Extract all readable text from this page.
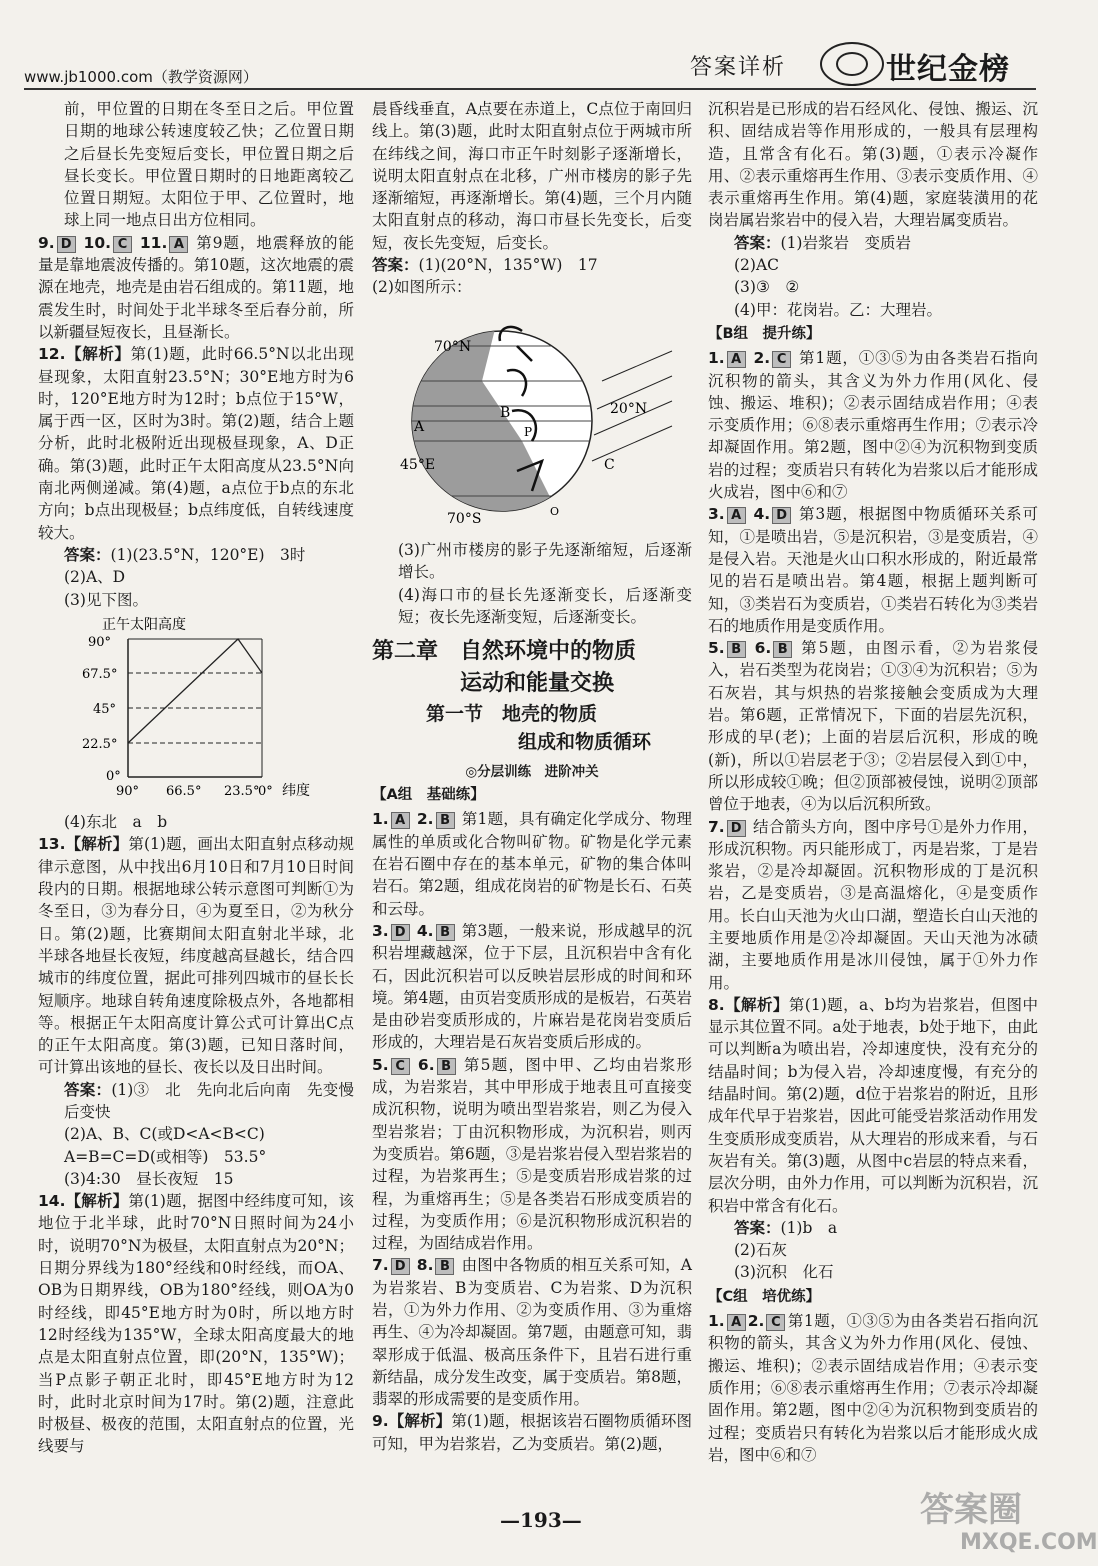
www.jb1000.com（教学资源网）	答案详析	世纪金榜

前，甲位置的日期在冬至日之后。甲位置日期的地球公转速度较乙快；乙位置日期之后昼长先变短后变长，甲位置日期之后昼长变长。甲位置日期时的日地距离较乙位置日期短。太阳位于甲、乙位置时，地球上同一地点日出方位相同。

9. D 10. C 11. A 第9题，地震释放的能量是靠地震波传播的。第10题，这次地震的震源在地壳，地壳是由岩石组成的。第11题，地震发生时，时间处于北半球冬至后春分前，所以新疆昼短夜长，且昼渐长。

12.【解析】第(1)题，此时66.5°N以北出现昼现象，太阳直射23.5°N；30°E地方时为6时，120°E地方时为12时；b点位于15°W，属于西一区，区时为3时。第(2)题，结合上题分析，此时北极附近出现极昼现象，A、D正确。第(3)题，此时正午太阳高度从23.5°N向南北两侧递减。第(4)题，a点位于b点的东北方向；b点出现极昼；b点纬度低，自转线速度较大。

答案：(1)(23.5°N，120°E)　3时

(2)A、D

(3)见下图。

正午太阳高度
90°
67.5°
45°
22.5°
0°
90° 66.5° 23.5°
0° 纬度

(4)东北　a　b

13.【解析】第(1)题，画出太阳直射点移动规律示意图，从中找出6月10日和7月10日时间段内的日期。根据地球公转示意图可判断①为冬至日，③为春分日，④为夏至日，②为秋分日。第(2)题，比赛期间太阳直射北半球，北半球各地昼长夜短，纬度越高昼越长，结合四城市的纬度位置，据此可排列四城市的昼长长短顺序。地球自转角速度除极点外，各地都相等。根据正午太阳高度计算公式可计算出C点的正午太阳高度。第(3)题，已知日落时间，可计算出该地的昼长、夜长以及日出时间。

答案：(1)③　北　先向北后向南　先变慢后变快

(2)A、B、C(或D<A<B<C)

A=B=C=D(或相等)　53.5°

(3)4:30　昼长夜短　15

14.【解析】第(1)题，据图中经纬度可知，该地位于北半球，此时70°N日照时间为24小时，说明70°N为极昼，太阳直射点为20°N；日期分界线为180°经线和0时经线，而OA、OB为日期界线，OB为180°经线，则OA为0时经线，即45°E地方时为0时，所以地方时12时经线为135°W，全球太阳高度最大的地点是太阳直射点位置，即(20°N，135°W)；当P点影子朝正北时，即45°E地方时为12时，此时北京时间为17时。第(2)题，注意此时极昼、极夜的范围，太阳直射点的位置，光线要与

晨昏线垂直，A点要在赤道上，C点位于南回归线上。第(3)题，此时太阳直射点位于两城市所在纬线之间，海口市正午时刻影子逐渐增长，说明太阳直射点在北移，广州市楼房的影子先逐渐缩短，再逐渐增长。第(4)题，三个月内随太阳直射点的移动，海口市昼长先变长，后变短，夜长先变短，后变长。

答案：(1)(20°N，135°W)　17

(2)如图所示：

70°N
20°N
45°E
70°S
A
B
C
P
O

(3)广州市楼房的影子先逐渐缩短，后逐渐增长。

(4)海口市的昼长先逐渐变长，后逐渐变短；夜长先逐渐变短，后逐渐变长。

第二章　自然环境中的物质
运动和能量交换
第一节　地壳的物质
组成和物质循环
◎分层训练　进阶冲关
【A组　基础练】

1. A 2. B 第1题，具有确定化学成分、物理属性的单质或化合物叫矿物。矿物是化学元素在岩石圈中存在的基本单元，矿物的集合体叫岩石。第2题，组成花岗岩的矿物是长石、石英和云母。

3. D 4. B 第3题，一般来说，形成越早的沉积岩埋藏越深，位于下层，且沉积岩中含有化石，因此沉积岩可以反映岩层形成的时间和环境。第4题，由页岩变质形成的是板岩，石英岩是由砂岩变质形成的，片麻岩是花岗岩变质后形成的，大理岩是石灰岩变质后形成的。

5. C 6. B 第5题，图中甲、乙均由岩浆形成，为岩浆岩，其中甲形成于地表且可直接变成沉积物，说明为喷出型岩浆岩，则乙为侵入型岩浆岩；丁由沉积物形成，为沉积岩，则丙为变质岩。第6题，③是岩浆岩侵入型岩浆岩的过程，为岩浆再生；⑤是变质岩形成岩浆的过程，为重熔再生；⑤是各类岩石形成变质岩的过程，为变质作用；⑥是沉积物形成沉积岩的过程，为固结成岩作用。

7. D 8. B 由图中各物质的相互关系可知，A为岩浆岩、B为变质岩、C为岩浆、D为沉积岩，①为外力作用、②为变质作用、③为重熔再生、④为冷却凝固。第7题，由题意可知，翡翠形成于低温、极高压条件下，且岩石进行重新结晶，成分发生改变，属于变质岩。第8题，翡翠的形成需要的是变质作用。

9.【解析】第(1)题，根据该岩石圈物质循环图可知，甲为岩浆岩，乙为变质岩。第(2)题，

沉积岩是已形成的岩石经风化、侵蚀、搬运、沉积、固结成岩等作用形成的，一般具有层理构造，且常含有化石。第(3)题，①表示冷凝作用、②表示重熔再生作用、③表示变质作用、④表示重熔再生作用。第(4)题，家庭装潢用的花岗岩属岩浆岩中的侵入岩，大理岩属变质岩。

答案：(1)岩浆岩　变质岩

(2)AC

(3)③　②

(4)甲：花岗岩。乙：大理岩。

【B组　提升练】

1. A 2. C 第1题，①③⑤为由各类岩石指向沉积物的箭头，其含义为外力作用(风化、侵蚀、搬运、堆积)；②表示固结成岩作用；④表示变质作用；⑥⑧表示重熔再生作用；⑦表示冷却凝固作用。第2题，图中②④为沉积物到变质岩的过程；变质岩只有转化为岩浆以后才能形成火成岩，图中⑥和⑦

3. A 4. D 第3题，根据图中物质循环关系可知，①是喷出岩，⑤是沉积岩，③是变质岩，④是侵入岩。天池是火山口积水形成的，附近最常见的岩石是喷出岩。第4题，根据上题判断可知，③类岩石为变质岩，①类岩石转化为③类岩石的地质作用是变质作用。

5. B 6. B 第5题，由图示看，②为岩浆侵入，岩石类型为花岗岩；①③④为沉积岩；⑤为石灰岩，其与炽热的岩浆接触会变质成为大理岩。第6题，正常情况下，下面的岩层先沉积，形成的早(老)；上面的岩层后沉积，形成的晚(新)，所以①岩层老于③；②岩层侵入到①中，所以形成较①晚；但②顶部被侵蚀，说明②顶部曾位于地表，④为以后沉积所致。

7. D 结合箭头方向，图中序号①是外力作用，形成沉积物。丙只能形成丁，丙是岩浆，丁是岩浆岩，②是冷却凝固。沉积物形成的丁是沉积岩，乙是变质岩，③是高温熔化，④是变质作用。长白山天池为火山口湖，塑造长白山天池的主要地质作用是②冷却凝固。天山天池为冰碛湖，主要地质作用是冰川侵蚀，属于①外力作用。

8.【解析】第(1)题，a、b均为岩浆岩，但图中显示其位置不同。a处于地表，b处于地下，由此可以判断a为喷出岩，冷却速度快，没有充分的结晶时间；b为侵入岩，冷却速度慢，有充分的结晶时间。第(2)题，d位于岩浆岩的附近，且形成年代早于岩浆岩，因此可能受岩浆活动作用发生变质形成变质岩，从大理岩的形成来看，与石灰岩有关。第(3)题，从图中c岩层的特点来看，层次分明，由外力作用，可以判断为沉积岩，沉积岩中常含有化石。

答案：(1)b　a

(2)石灰

(3)沉积　化石

【C组　培优练】

1. A 2. C 第1题，①③⑤为由各类岩石指向沉积物的箭头，其含义为外力作用(风化、侵蚀、搬运、堆积)；②表示固结成岩作用；④表示变质作用；⑥⑧表示重熔再生作用；⑦表示冷却凝固作用。第2题，图中②④为沉积物到变质岩的过程；变质岩只有转化为岩浆以后才能形成火成岩，图中⑥和⑦

—193—	答案圈
MXQE.COM
